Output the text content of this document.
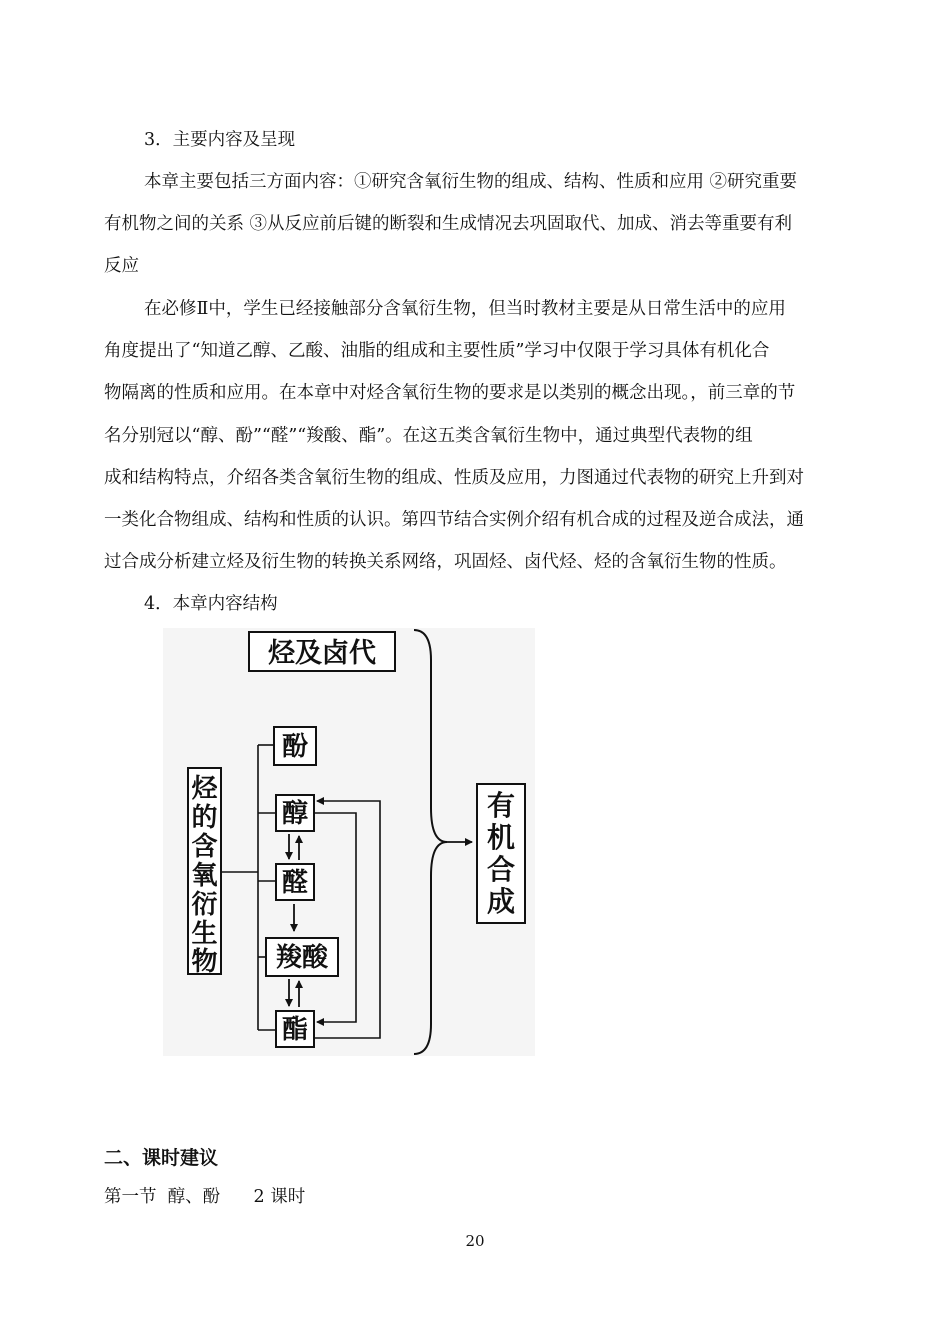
3．主要内容及呈现
本章主要包括三方面内容：①研究含氧衍生物的组成、结构、性质和应用 ②研究重要
有机物之间的关系 ③从反应前后键的断裂和生成情况去巩固取代、加成、消去等重要有利
反应
在必修Ⅱ中，学生已经接触部分含氧衍生物，但当时教材主要是从日常生活中的应用
角度提出了“知道乙醇、乙酸、油脂的组成和主要性质”学习中仅限于学习具体有机化合
物隔离的性质和应用。在本章中对烃含氧衍生物的要求是以类别的概念出现。，前三章的节
名分别冠以“醇、酚”“醛”“羧酸、酯”。在这五类含氧衍生物中，通过典型代表物的组
成和结构特点，介绍各类含氧衍生物的组成、性质及应用，力图通过代表物的研究上升到对
一类化合物组成、结构和性质的认识。第四节结合实例介绍有机合成的过程及逆合成法，通
过合成分析建立烃及衍生物的转换关系网络，巩固烃、卤代烃、烃的含氧衍生物的性质。
4．本章内容结构
烃及卤代
烃
的
含
氧
衍
生
物
酚
醇
醛
羧酸
酯
有
机
合
成
二、课时建议
第一节  醇、酚      2 课时
20
